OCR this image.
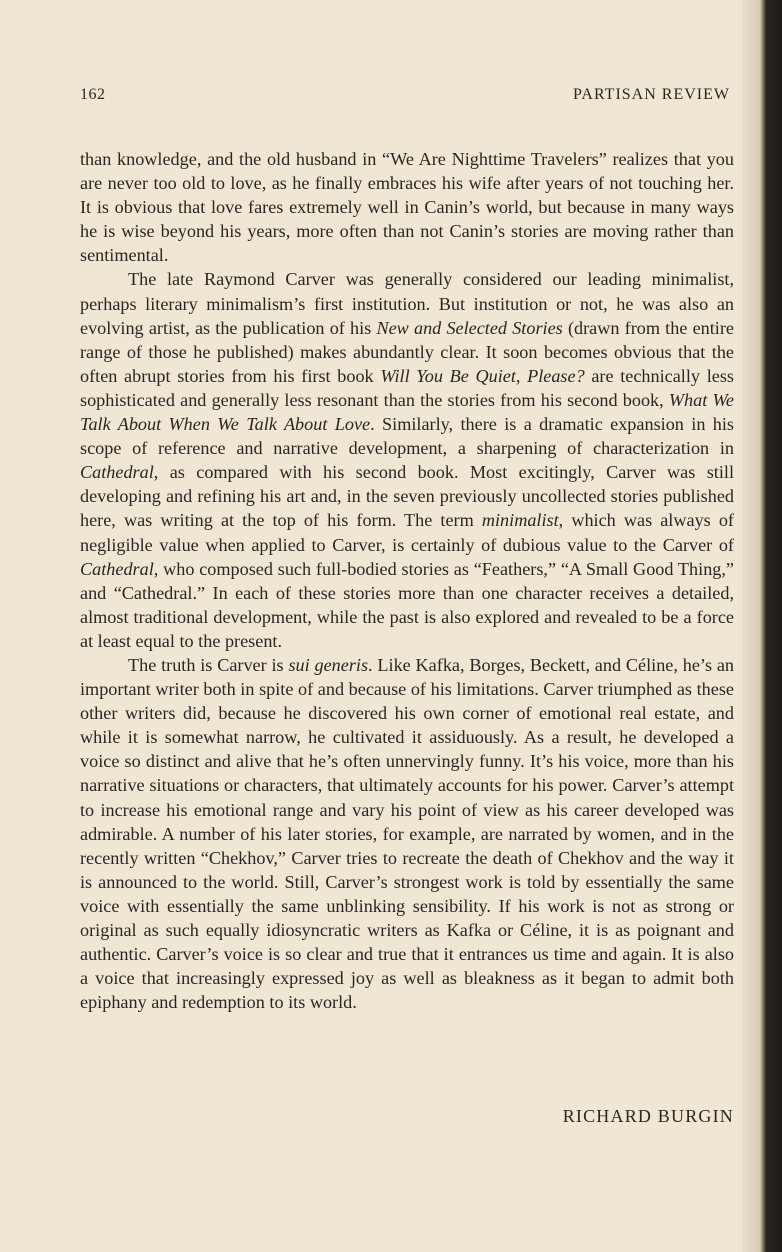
162	PARTISAN REVIEW

than knowledge, and the old husband in “We Are Nighttime Travelers” realizes that you are never too old to love, as he finally embraces his wife after years of not touching her. It is obvious that love fares extremely well in Canin’s world, but because in many ways he is wise beyond his years, more often than not Canin’s stories are moving rather than sentimental.

The late Raymond Carver was generally considered our leading minimalist, perhaps literary minimalism’s first institution. But institution or not, he was also an evolving artist, as the publication of his New and Selected Stories (drawn from the entire range of those he published) makes abundantly clear. It soon becomes obvious that the often abrupt stories from his first book Will You Be Quiet, Please? are technically less sophisticated and generally less resonant than the stories from his second book, What We Talk About When We Talk About Love. Similarly, there is a dramatic expansion in his scope of reference and narrative development, a sharpening of characterization in Cathedral, as compared with his second book. Most excitingly, Carver was still developing and refining his art and, in the seven previously uncollected stories published here, was writing at the top of his form. The term minimalist, which was always of negligible value when applied to Carver, is certainly of dubious value to the Carver of Cathedral, who composed such full-bodied stories as “Feathers,” “A Small Good Thing,” and “Cathedral.” In each of these stories more than one character receives a detailed, almost traditional development, while the past is also explored and revealed to be a force at least equal to the present.

The truth is Carver is sui generis. Like Kafka, Borges, Beckett, and Céline, he’s an important writer both in spite of and because of his limitations. Carver triumphed as these other writers did, because he discovered his own corner of emotional real estate, and while it is somewhat narrow, he cultivated it assiduously. As a result, he developed a voice so distinct and alive that he’s often unnervingly funny. It’s his voice, more than his narrative situations or characters, that ultimately accounts for his power. Carver’s attempt to increase his emotional range and vary his point of view as his career developed was admirable. A number of his later stories, for example, are narrated by women, and in the recently written “Chekhov,” Carver tries to recreate the death of Chekhov and the way it is announced to the world. Still, Carver’s strongest work is told by essentially the same voice with essentially the same unblinking sensibility. If his work is not as strong or original as such equally idiosyncratic writers as Kafka or Céline, it is as poignant and authentic. Carver’s voice is so clear and true that it entrances us time and again. It is also a voice that increasingly expressed joy as well as bleakness as it began to admit both epiphany and redemption to its world.

RICHARD BURGIN
